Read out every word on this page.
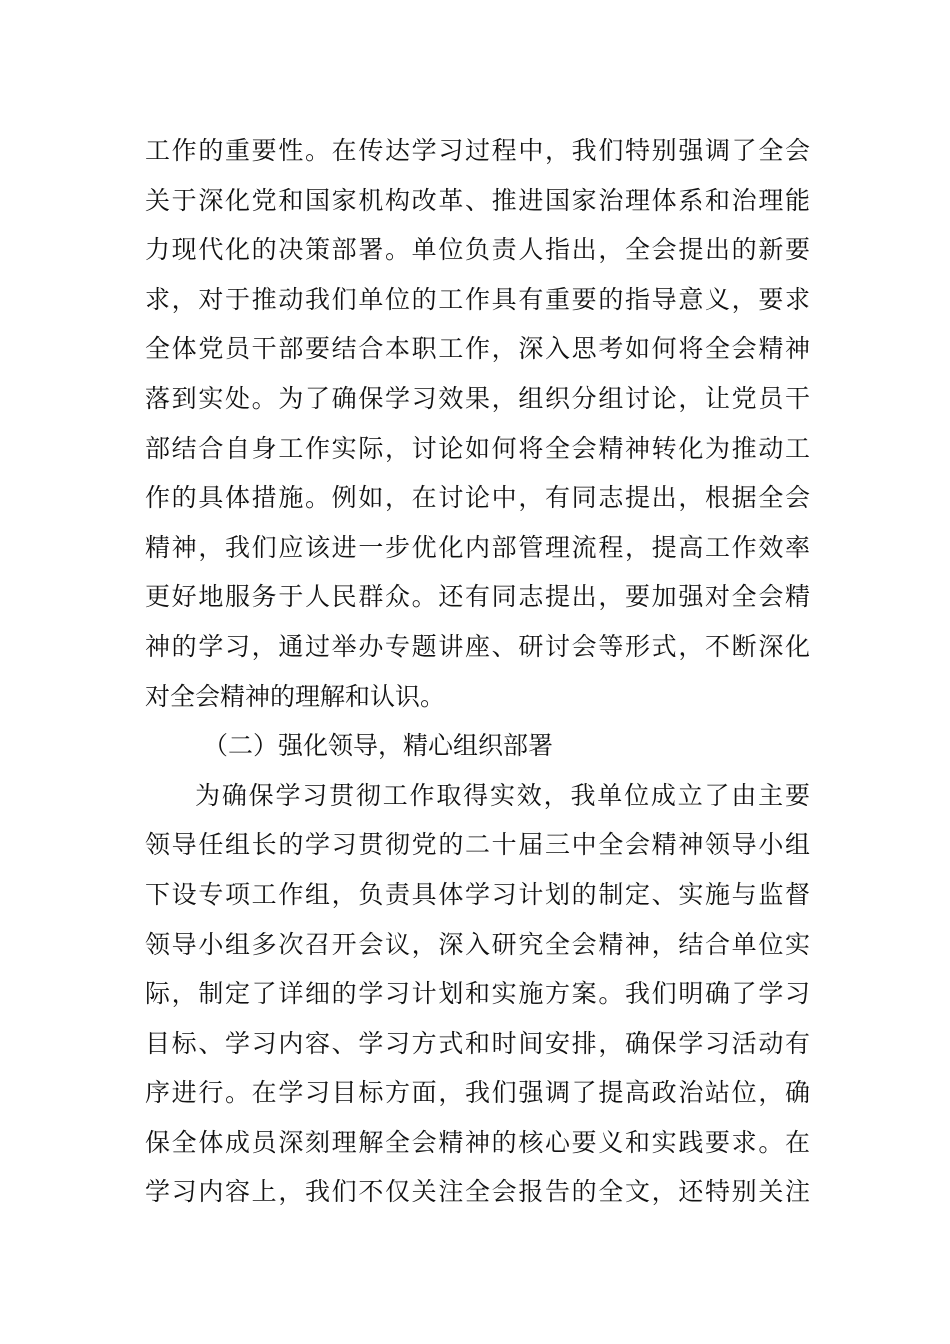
工作的重要性。在传达学习过程中，我们特别强调了全会
关于深化党和国家机构改革、推进国家治理体系和治理能
力现代化的决策部署。单位负责人指出，全会提出的新要
求，对于推动我们单位的工作具有重要的指导意义，要求
全体党员干部要结合本职工作，深入思考如何将全会精神
落到实处。为了确保学习效果，组织分组讨论，让党员干
部结合自身工作实际，讨论如何将全会精神转化为推动工
作的具体措施。例如，在讨论中，有同志提出，根据全会
精神，我们应该进一步优化内部管理流程，提高工作效率
更好地服务于人民群众。还有同志提出，要加强对全会精
神的学习，通过举办专题讲座、研讨会等形式，不断深化
对全会精神的理解和认识。
（二）强化领导，精心组织部署
为确保学习贯彻工作取得实效，我单位成立了由主要
领导任组长的学习贯彻党的二十届三中全会精神领导小组
下设专项工作组，负责具体学习计划的制定、实施与监督
领导小组多次召开会议，深入研究全会精神，结合单位实
际，制定了详细的学习计划和实施方案。我们明确了学习
目标、学习内容、学习方式和时间安排，确保学习活动有
序进行。在学习目标方面，我们强调了提高政治站位，确
保全体成员深刻理解全会精神的核心要义和实践要求。在
学习内容上，我们不仅关注全会报告的全文，还特别关注
